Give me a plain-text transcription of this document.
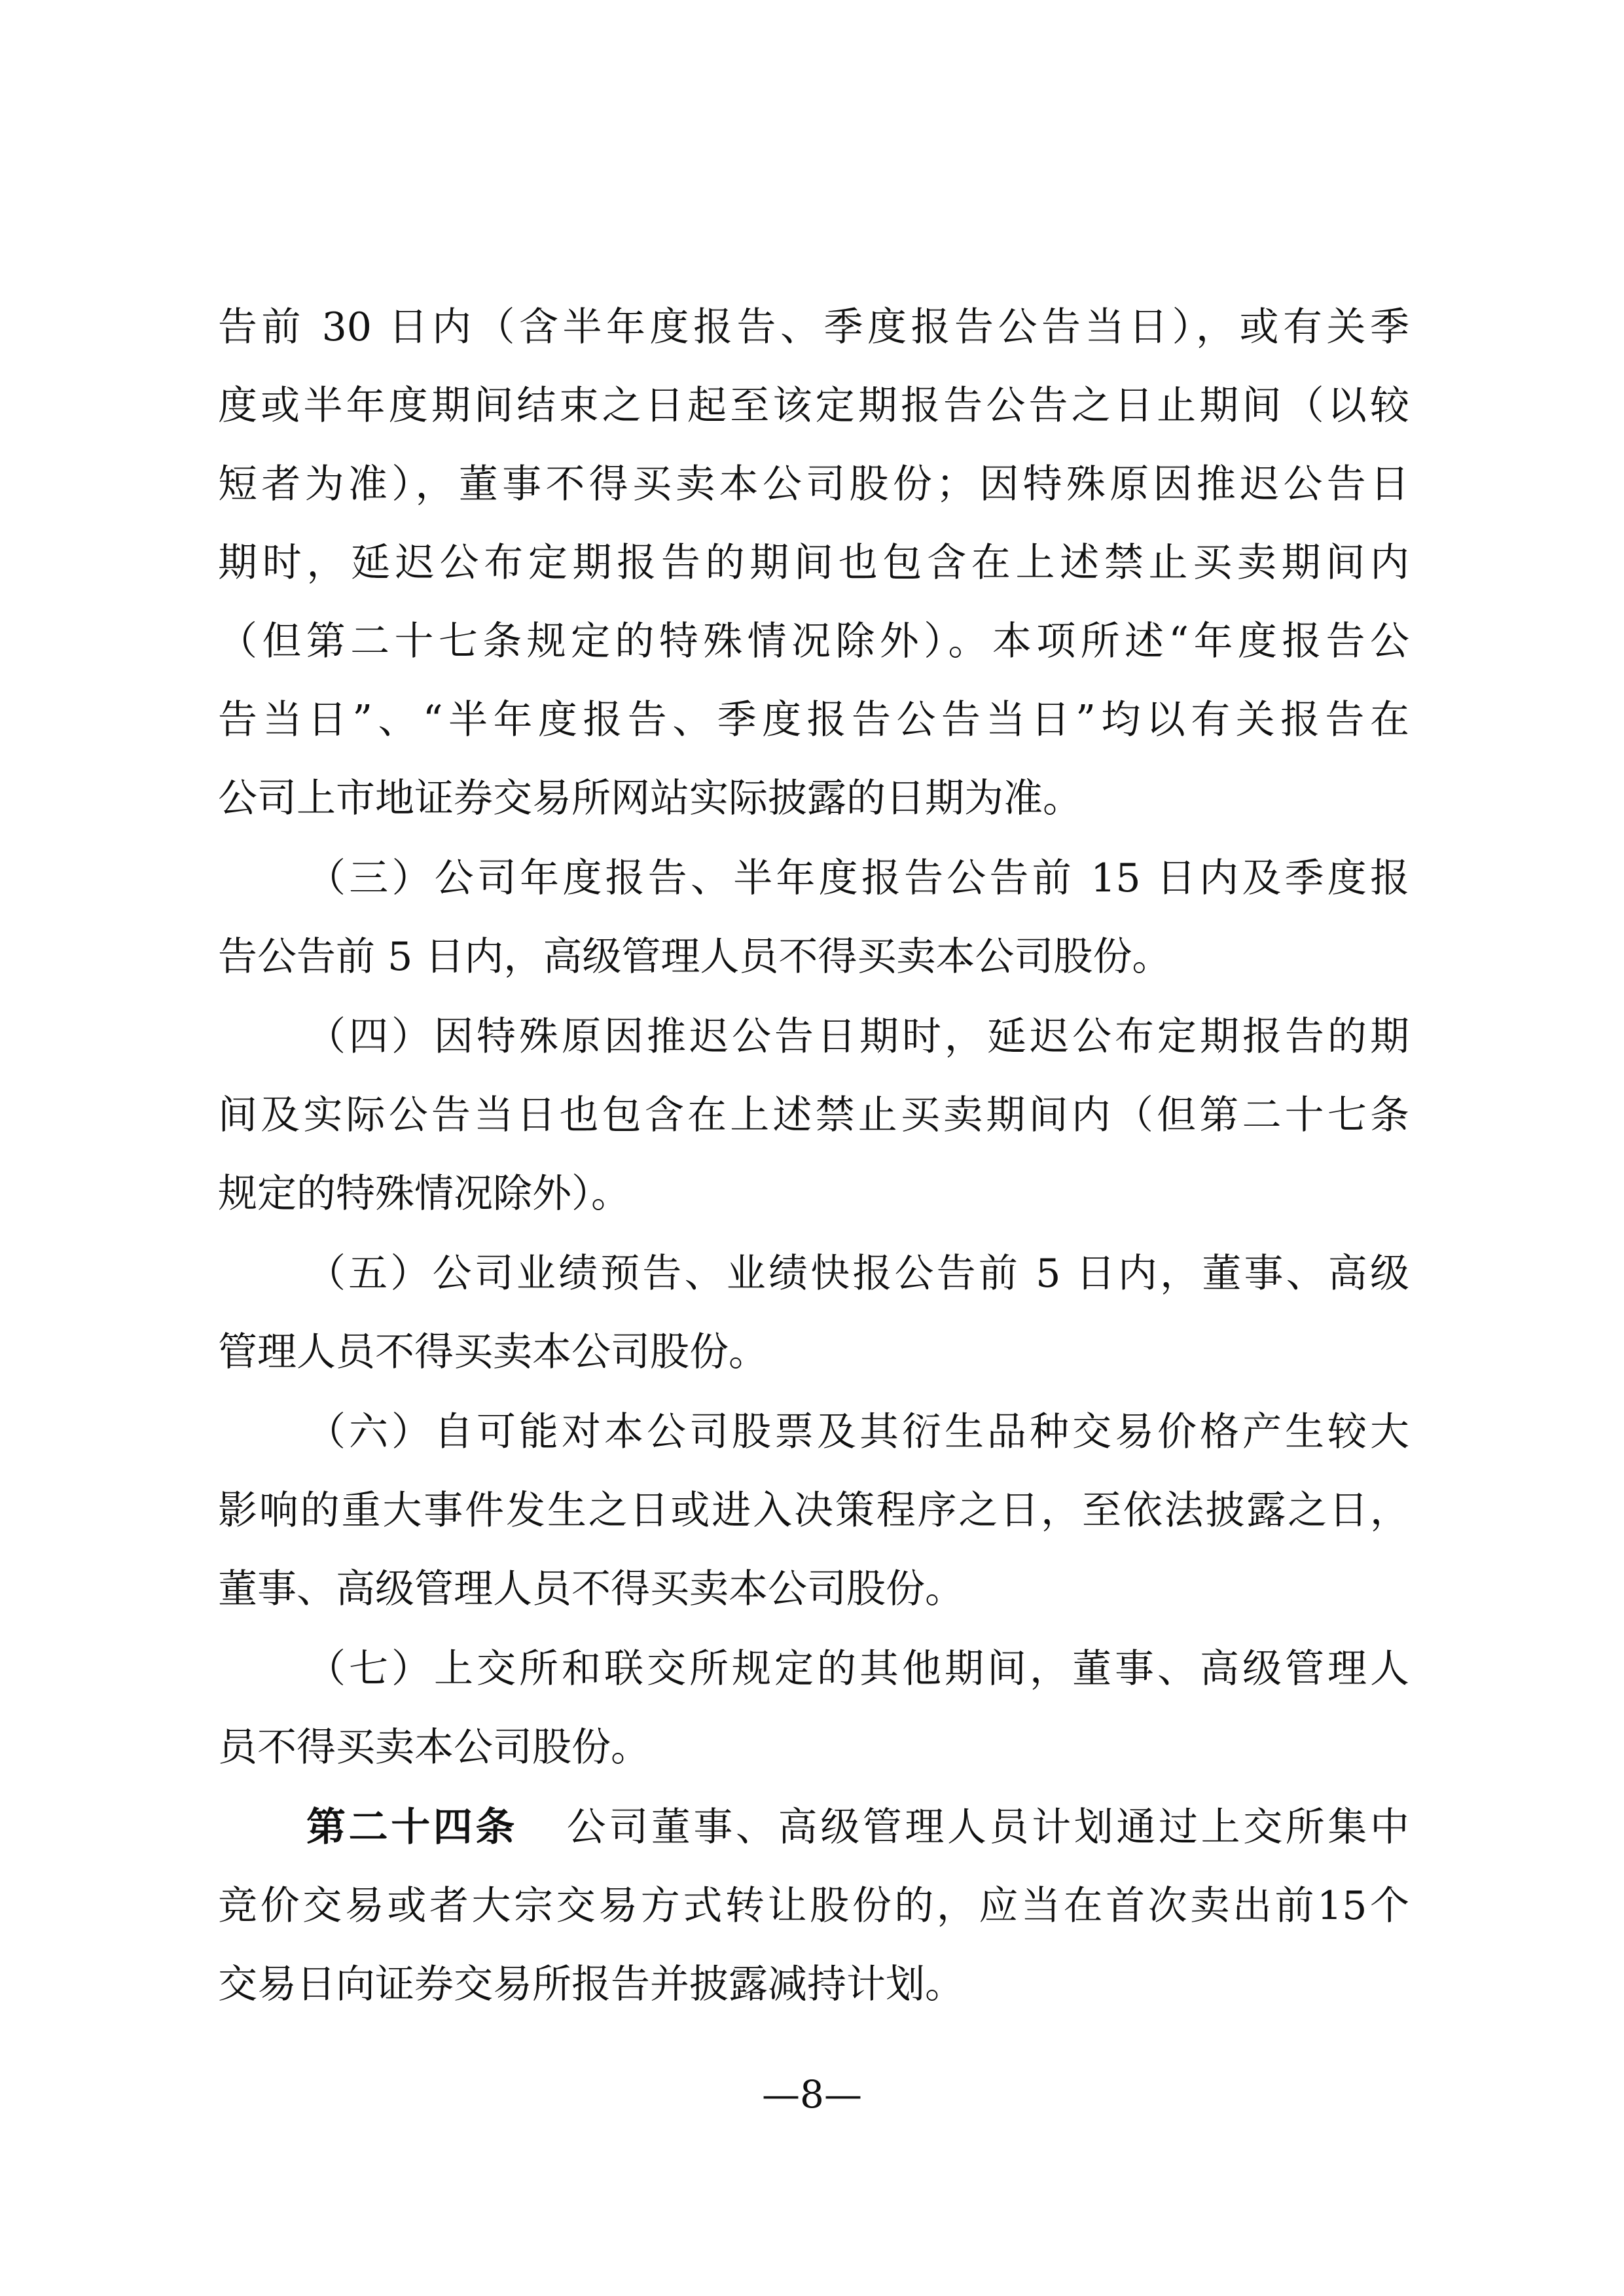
告前 30 日内（含半年度报告、季度报告公告当日），或有关季
度或半年度期间结束之日起至该定期报告公告之日止期间（以较
短者为准），董事不得买卖本公司股份；因特殊原因推迟公告日
期时，延迟公布定期报告的期间也包含在上述禁止买卖期间内
（但第二十七条规定的特殊情况除外）。本项所述“年度报告公
告当日”、“半年度报告、季度报告公告当日”均以有关报告在
公司上市地证券交易所网站实际披露的日期为准。
（三）公司年度报告、半年度报告公告前 15 日内及季度报
告公告前 5 日内，高级管理人员不得买卖本公司股份。
（四）因特殊原因推迟公告日期时，延迟公布定期报告的期
间及实际公告当日也包含在上述禁止买卖期间内（但第二十七条
规定的特殊情况除外）。
（五）公司业绩预告、业绩快报公告前 5 日内，董事、高级
管理人员不得买卖本公司股份。
（六）自可能对本公司股票及其衍生品种交易价格产生较大
影响的重大事件发生之日或进入决策程序之日，至依法披露之日，
董事、高级管理人员不得买卖本公司股份。
（七）上交所和联交所规定的其他期间，董事、高级管理人
员不得买卖本公司股份。
第二十四条 公司董事、高级管理人员计划通过上交所集中
竞价交易或者大宗交易方式转让股份的，应当在首次卖出前15个
交易日向证券交易所报告并披露减持计划。
—8—
